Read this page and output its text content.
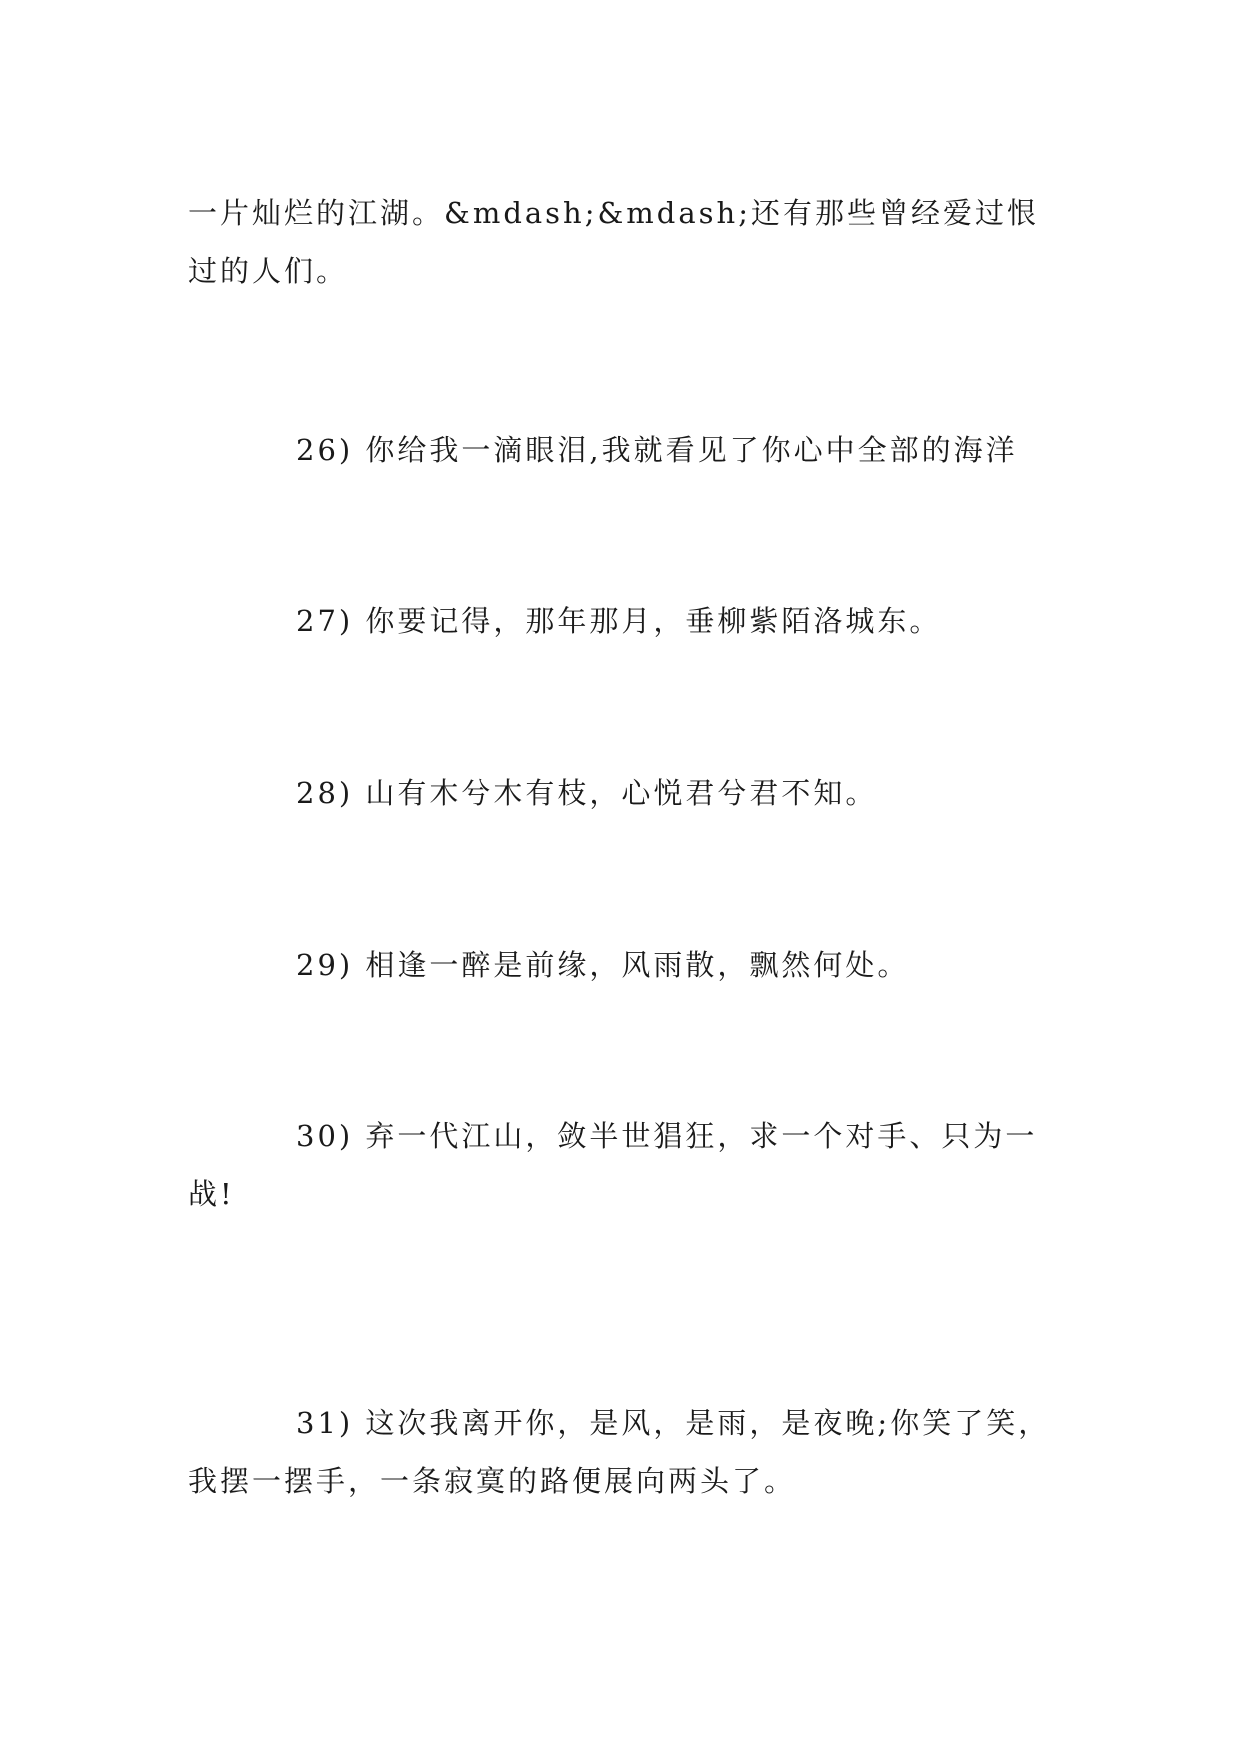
一片灿烂的江湖。&mdash;&mdash;还有那些曾经爱过恨过的人们。

26) 你给我一滴眼泪,我就看见了你心中全部的海洋

27) 你要记得，那年那月，垂柳紫陌洛城东。

28) 山有木兮木有枝，心悦君兮君不知。

29) 相逢一醉是前缘，风雨散，飘然何处。

30) 弃一代江山，敛半世猖狂，求一个对手、只为一战!

31) 这次我离开你，是风，是雨，是夜晚;你笑了笑，我摆一摆手，一条寂寞的路便展向两头了。
